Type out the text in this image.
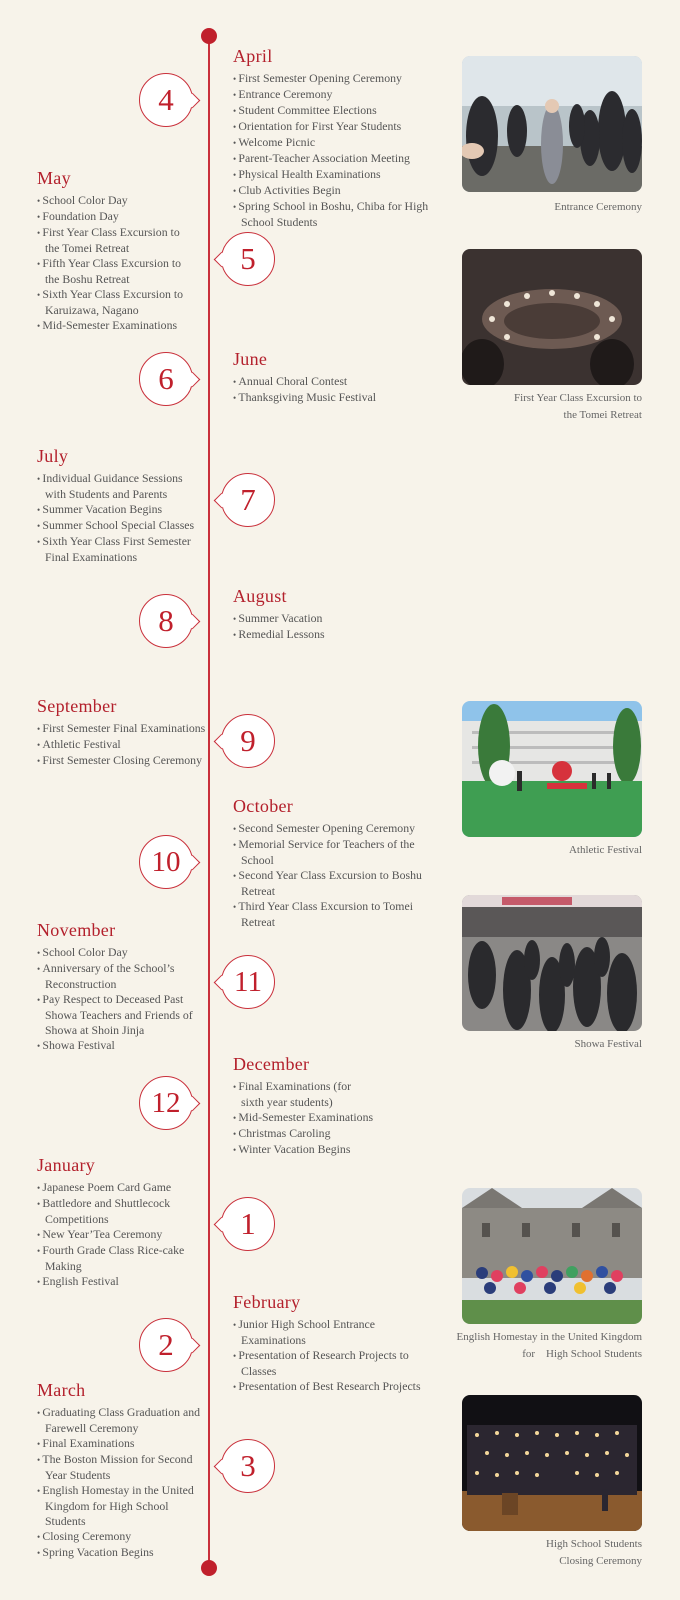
4
5
6
7
8
9
10
11
12
1
2
3
April
• First Semester Opening Ceremony
• Entrance Ceremony
• Student Committee Elections
• Orientation for First Year Students
• Welcome Picnic
• Parent-Teacher Association Meeting
• Physical Health Examinations
• Club Activities Begin
• Spring School in Boshu, Chiba for High School Students
May
• School Color Day
• Foundation Day
• First Year Class Excursion to the Tomei Retreat
• Fifth Year Class Excursion to the Boshu Retreat
• Sixth Year Class Excursion to Karuizawa, Nagano
• Mid-Semester Examinations
June
• Annual Choral Contest
• Thanksgiving Music Festival
July
• Individual Guidance Sessions with Students and Parents
• Summer Vacation Begins
• Summer School Special Classes
• Sixth Year Class First Semester Final Examinations
August
• Summer Vacation
• Remedial Lessons
September
• First Semester Final Examinations
• Athletic Festival
• First Semester Closing Ceremony
October
• Second Semester Opening Ceremony
• Memorial Service for Teachers of the School
• Second Year Class Excursion to Boshu Retreat
• Third Year Class Excursion to Tomei Retreat
November
• School Color Day
• Anniversary of the School’s Reconstruction
• Pay Respect to Deceased Past Showa Teachers and Friends of Showa at Shoin Jinja
• Showa Festival
December
• Final Examinations (for sixth year students)
• Mid-Semester Examinations
• Christmas Caroling
• Winter Vacation Begins
January
• Japanese Poem Card Game
• Battledore and Shuttlecock Competitions
• New Year’Tea Ceremony
• Fourth Grade Class Rice-cake Making
• English Festival
February
• Junior High School Entrance Examinations
• Presentation of Research Projects to Classes
• Presentation of Best Research Projects
March
• Graduating Class Graduation and Farewell Ceremony
• Final Examinations
• The Boston Mission for Second Year Students
• English Homestay in the United Kingdom for High School Students
• Closing Ceremony
• Spring Vacation Begins
Entrance Ceremony
First Year Class Excursion to the Tomei Retreat
Athletic Festival
Showa Festival
English Homestay in the United Kingdom for　High School Students
High School Students Closing Ceremony
